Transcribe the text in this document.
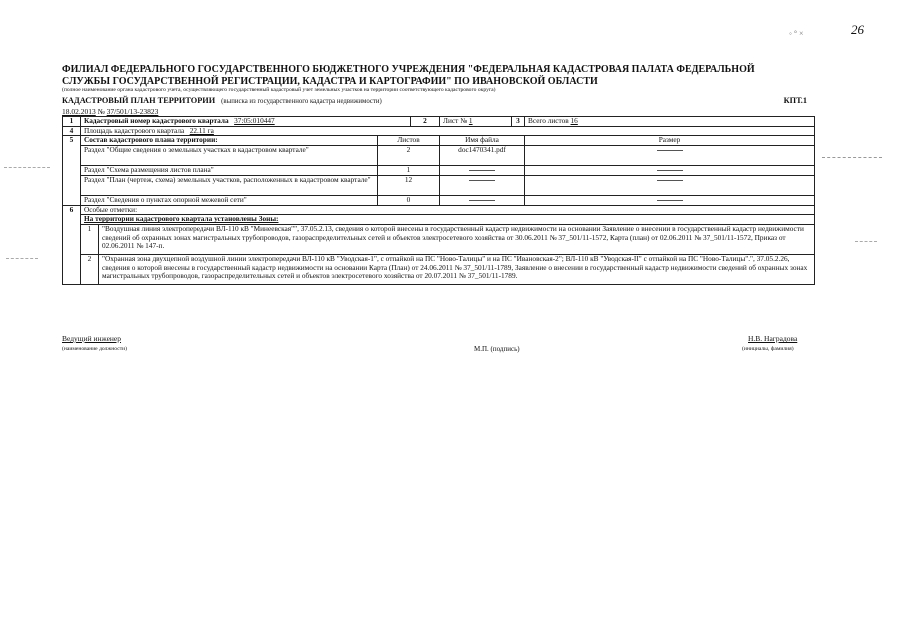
26
◦ ° ×
ФИЛИАЛ ФЕДЕРАЛЬНОГО ГОСУДАРСТВЕННОГО БЮДЖЕТНОГО УЧРЕЖДЕНИЯ "ФЕДЕРАЛЬНАЯ КАДАСТРОВАЯ ПАЛАТА ФЕДЕРАЛЬНОЙ СЛУЖБЫ ГОСУДАРСТВЕННОЙ РЕГИСТРАЦИИ, КАДАСТРА И КАРТОГРАФИИ" ПО ИВАНОВСКОЙ ОБЛАСТИ
(полное наименование органа кадастрового учета, осуществляющего государственный кадастровый учет земельных участков на территории соответствующего кадастрового округа)
КАДАСТРОВЫЙ ПЛАН ТЕРРИТОРИИ (выписка из государственного кадастра недвижимости)	КПТ.1
18.02.2013 № 37/501/13-23823
1	Кадастровый номер кадастрового квартала 37:05:010447			2	Лист № 1	3	Всего листов 16
4	Площадь кадастрового квартала 22.11 га						
5	Состав кадастрового плана территории:		Листов		Имя файла		Размер
	Раздел "Общие сведения о земельных участках в кадастровом квартале"		2		doc1470341.pdf		
	Раздел "Схема размещения листов плана"		1				
	Раздел "План (чертеж, схема) земельных участков, расположенных в кадастровом квартале"		12				
	Раздел "Сведения о пунктах опорной межевой сети"		0				
6	Особые отметки:						
	На территории кадастрового квартала установлены Зоны:						
	1	"Воздушная линия электропередачи ВЛ-110 кВ "Минеевская"", 37.05.2.13, сведения о которой внесены в государственный кадастр недвижимости на основании Заявление о внесении в государственный кадастр недвижимости сведений об охранных зонах магистральных трубопроводов, газораспределительных сетей и объектов электросетевого хозяйства от 30.06.2011 № 37_501/11-1572, Карта (план) от 02.06.2011 № 37_501/11-1572, Приказ от 02.06.2011 № 147-п.					
	2	"Охранная зона двухцепной воздушной линии электропередачи ВЛ-110 кВ "Уводская-1", с отпайкой на ПС "Ново-Талицы" и на ПС "Ивановская-2"; ВЛ-110 кВ "Уводская-II" с отпайкой на ПС "Ново-Талицы".", 37.05.2.26, сведения о которой внесены в государственный кадастр недвижимости на основании Карта (План) от 24.06.2011 № 37_501/11-1789, Заявление о внесении в государственный кадастр недвижимости сведений об охранных зонах магистральных трубопроводов, газораспределительных сетей и объектов электросетевого хозяйства от 20.07.2011 № 37_501/11-1789.					
Ведущий инженер
(наименование должности)	М.П. (подпись)
Н.В. Наградова
(инициалы, фамилия)
